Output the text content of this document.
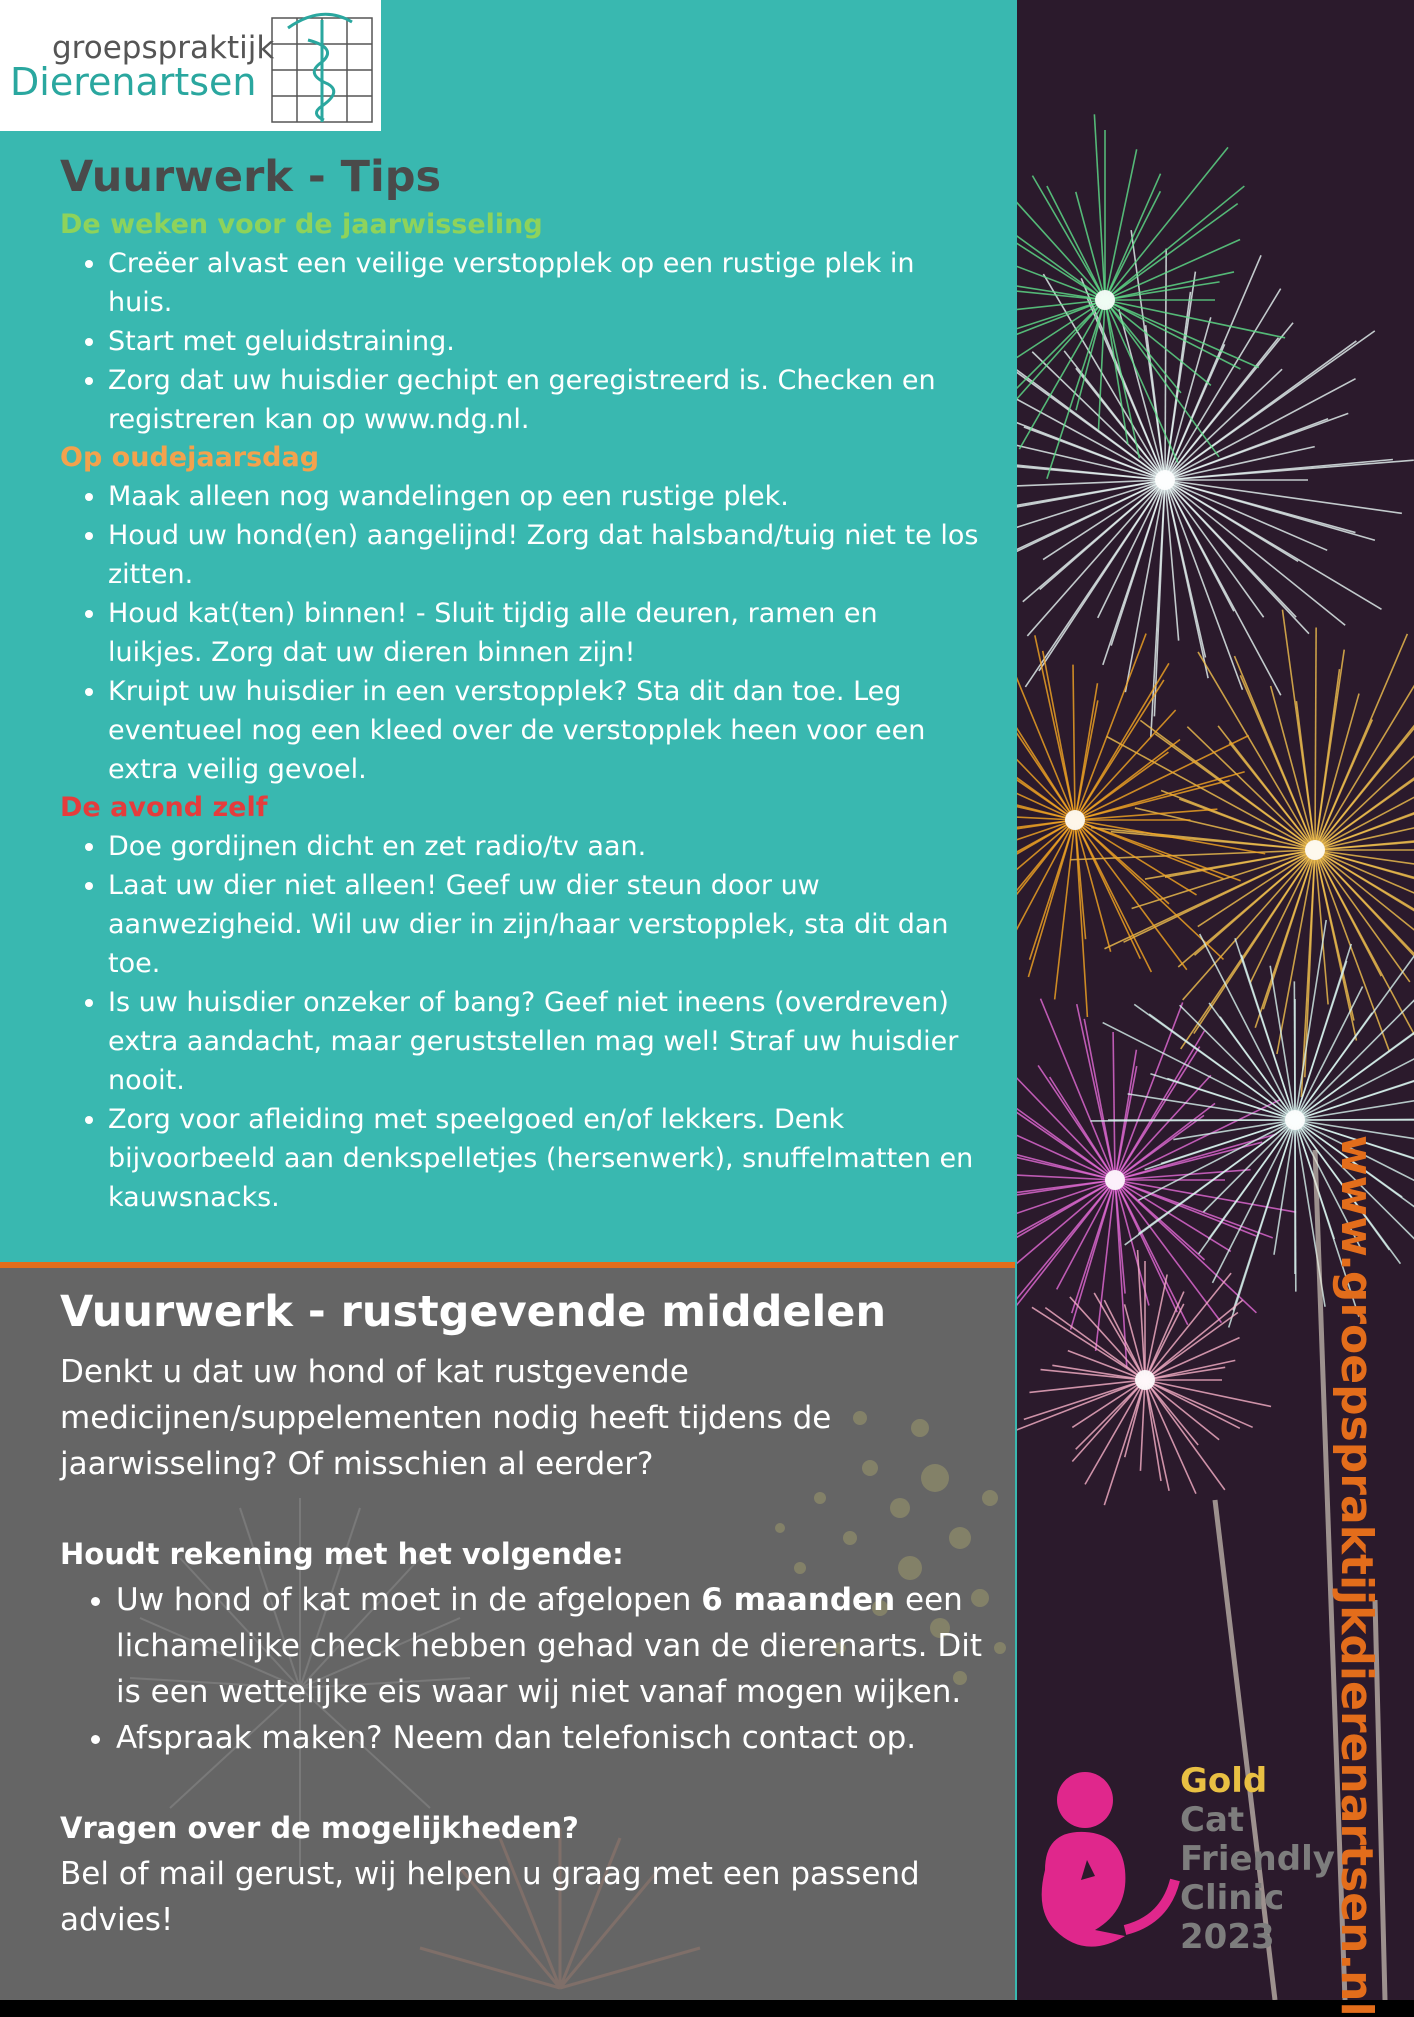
groepspraktijk
Dierenartsen
Vuurwerk - Tips
De weken voor de jaarwisseling
• Creëer alvast een veilige verstopplek op een rustige plek in huis.
• Start met geluidstraining.
• Zorg dat uw huisdier gechipt en geregistreerd is. Checken en registreren kan op www.ndg.nl.
Op oudejaarsdag
• Maak alleen nog wandelingen op een rustige plek.
• Houd uw hond(en) aangelijnd! Zorg dat halsband/tuig niet te los zitten.
• Houd kat(ten) binnen! - Sluit tijdig alle deuren, ramen en luikjes. Zorg dat uw dieren binnen zijn!
• Kruipt uw huisdier in een verstopplek? Sta dit dan toe. Leg eventueel nog een kleed over de verstopplek heen voor een extra veilig gevoel.
De avond zelf
• Doe gordijnen dicht en zet radio/tv aan.
• Laat uw dier niet alleen! Geef uw dier steun door uw aanwezigheid. Wil uw dier in zijn/haar verstopplek, sta dit dan toe.
• Is uw huisdier onzeker of bang? Geef niet ineens (overdreven) extra aandacht, maar geruststellen mag wel! Straf uw huisdier nooit.
• Zorg voor afleiding met speelgoed en/of lekkers. Denk bijvoorbeeld aan denkspelletjes (hersenwerk), snuffelmatten en kauwsnacks.
Vuurwerk - rustgevende middelen

Denkt u dat uw hond of kat rustgevende medicijnen/suppelementen nodig heeft tijdens de jaarwisseling? Of misschien al eerder?

Houdt rekening met het volgende:

• Uw hond of kat moet in de afgelopen 6 maanden een lichamelijke check hebben gehad van de dierenarts. Dit is een wettelijke eis waar wij niet vanaf mogen wijken.
• Afspraak maken? Neem dan telefonisch contact op.

Vragen over de mogelijkheden?

Bel of mail gerust, wij helpen u graag met een passend advies!	www.groepspraktijkdierenartsen.nl
Gold
Cat
Friendly
Clinic
2023
